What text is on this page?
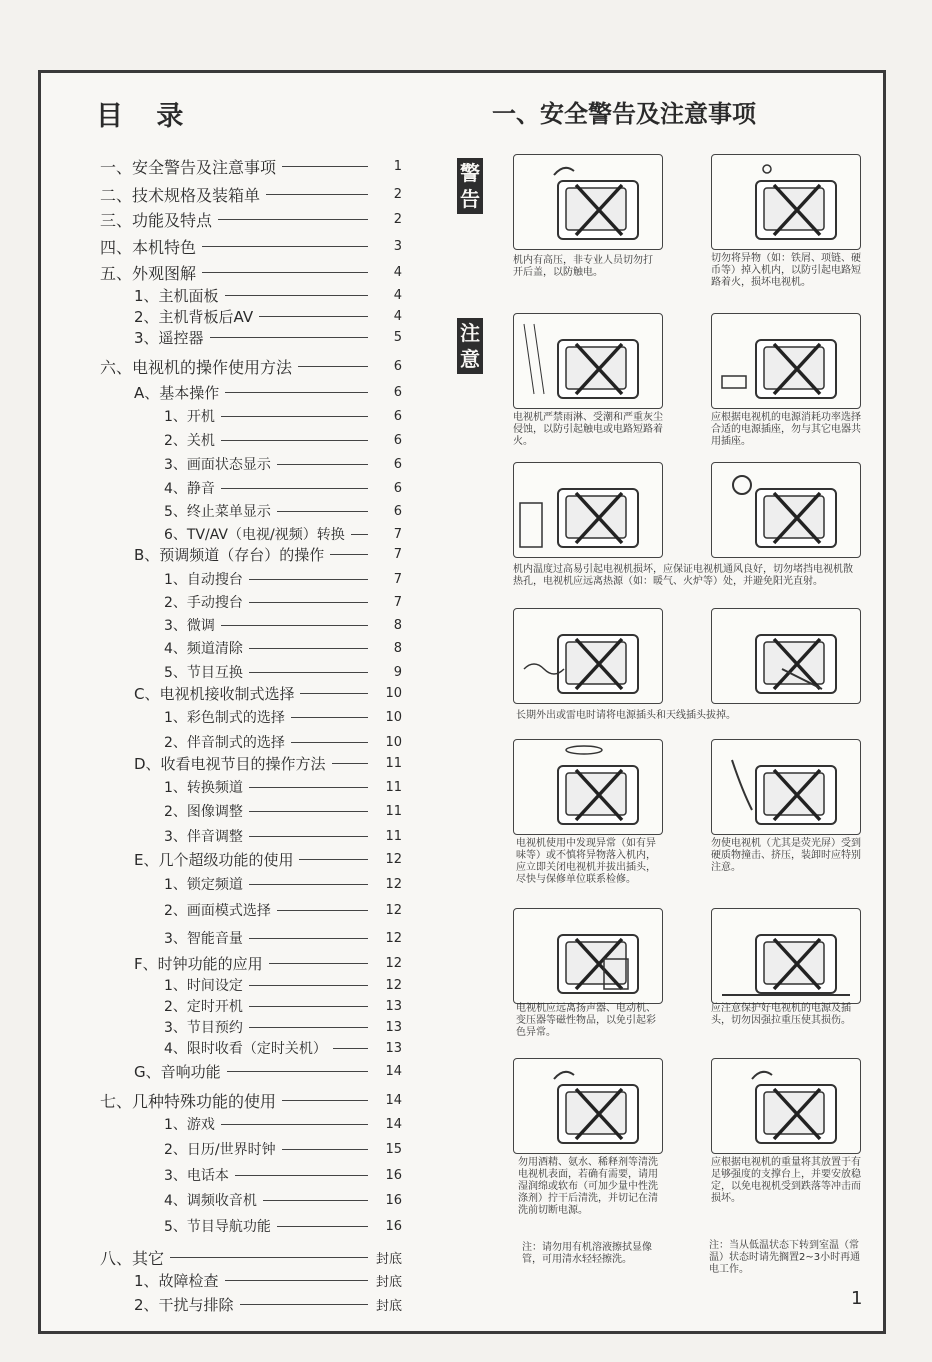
目 录	一、安全警告及注意事项
一、安全警告及注意事项	1
二、技术规格及装箱单	2
三、功能及特点	2
四、本机特色	3
五、外观图解	4
1、主机面板	4
2、主机背板后AV	4
3、遥控器	5
六、电视机的操作使用方法	6
A、基本操作	6
1、开机	6
2、关机	6
3、画面状态显示	6
4、静音	6
5、终止菜单显示	6
6、TV/AV（电视/视频）转换	7
B、预调频道（存台）的操作	7
1、自动搜台	7
2、手动搜台	7
3、微调	8
4、频道清除	8
5、节目互换	9
C、电视机接收制式选择	10
1、彩色制式的选择	10
2、伴音制式的选择	10
D、收看电视节目的操作方法	11
1、转换频道	11
2、图像调整	11
3、伴音调整	11
E、几个超级功能的使用	12
1、锁定频道	12
2、画面模式选择	12
3、智能音量	12
F、时钟功能的应用	12
1、时间设定	12
2、定时开机	13
3、节目预约	13
4、限时收看（定时关机）	13
G、音响功能	14
七、几种特殊功能的使用	14
1、游戏	14
2、日历/世界时钟	15
3、电话本	16
4、调频收音机	16
5、节目导航功能	16
八、其它	封底
1、故障检查	封底
2、干扰与排除	封底
警告
注意
机内有高压，非专业人员切勿打开后盖，以防触电。
切勿将异物（如：铁屑、项链、硬币等）掉入机内，以防引起电路短路着火，损坏电视机。
电视机严禁雨淋、受潮和严重灰尘侵蚀，以防引起触电或电路短路着火。
应根据电视机的电源消耗功率选择合适的电源插座，勿与其它电器共用插座。
机内温度过高易引起电视机损坏，应保证电视机通风良好，切勿堵挡电视机散热孔，电视机应远离热源（如：暖气、火炉等）处，并避免阳光直射。
长期外出或雷电时请将电源插头和天线插头拔掉。
电视机使用中发现异常（如有异味等）或不慎将异物落入机内，应立即关闭电视机并拔出插头，尽快与保修单位联系检修。
勿使电视机（尤其是荧光屏）受到硬质物撞击、挤压，装卸时应特别注意。
电视机应远离扬声器、电动机、变压器等磁性物品，以免引起彩色异常。
应注意保护好电视机的电源及插头，切勿因强拉重压使其损伤。
勿用酒精、氨水、稀释剂等清洗电视机表面，若确有需要，请用湿润绵或软布（可加少量中性洗涤剂）拧干后清洗，并切记在清洗前切断电源。
应根据电视机的重量将其放置于有足够强度的支撑台上，并要安放稳定，以免电视机受到跌落等冲击而损坏。
注：请勿用有机溶液擦拭显像管，可用清水轻轻擦洗。
注：当从低温状态下转到室温（常温）状态时请先搁置2~3小时再通电工作。
1
